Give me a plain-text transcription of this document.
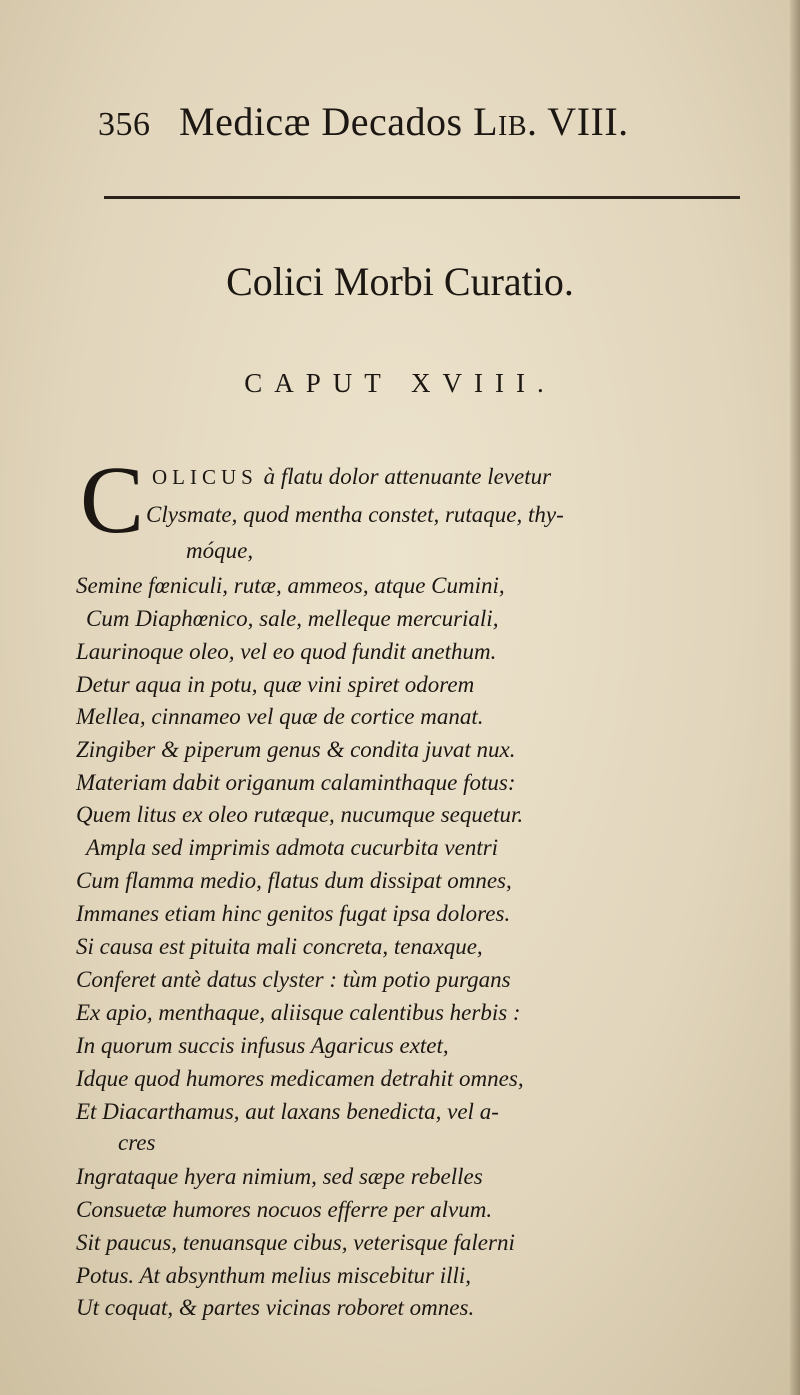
356 Medicæ Decados Lib. VIII.
Colici Morbi Curatio.
CAPUT XVIII.
C OLICUS à flatu dolor attenuante levetur
Clysmate, quod mentha constet, rutaque, thy-
móque,
Semine fœniculi, rutæ, ammeos, atque Cumini,
Cum Diaphœnico, sale, melleque mercuriali,
Laurinoque oleo, vel eo quod fundit anethum.
Detur aqua in potu, quæ vini spiret odorem
Mellea, cinnameo vel quæ de cortice manat.
Zingiber & piperum genus & condita juvat nux.
Materiam dabit origanum calaminthaque fotus:
Quem litus ex oleo rutæque, nucumque sequetur.
Ampla sed imprimis admota cucurbita ventri
Cum flamma medio, flatus dum dissipat omnes,
Immanes etiam hinc genitos fugat ipsa dolores.
Si causa est pituita mali concreta, tenaxque,
Conferet antè datus clyster : tùm potio purgans
Ex apio, menthaque, aliisque calentibus herbis :
In quorum succis infusus Agaricus extet,
Idque quod humores medicamen detrahit omnes,
Et Diacarthamus, aut laxans benedicta, vel a-
cres
Ingrataque hyera nimium, sed sæpe rebelles
Consuetæ humores nocuos efferre per alvum.
Sit paucus, tenuansque cibus, veterisque falerni
Potus. At absynthum melius miscebitur illi,
Ut coquat, & partes vicinas roboret omnes.
